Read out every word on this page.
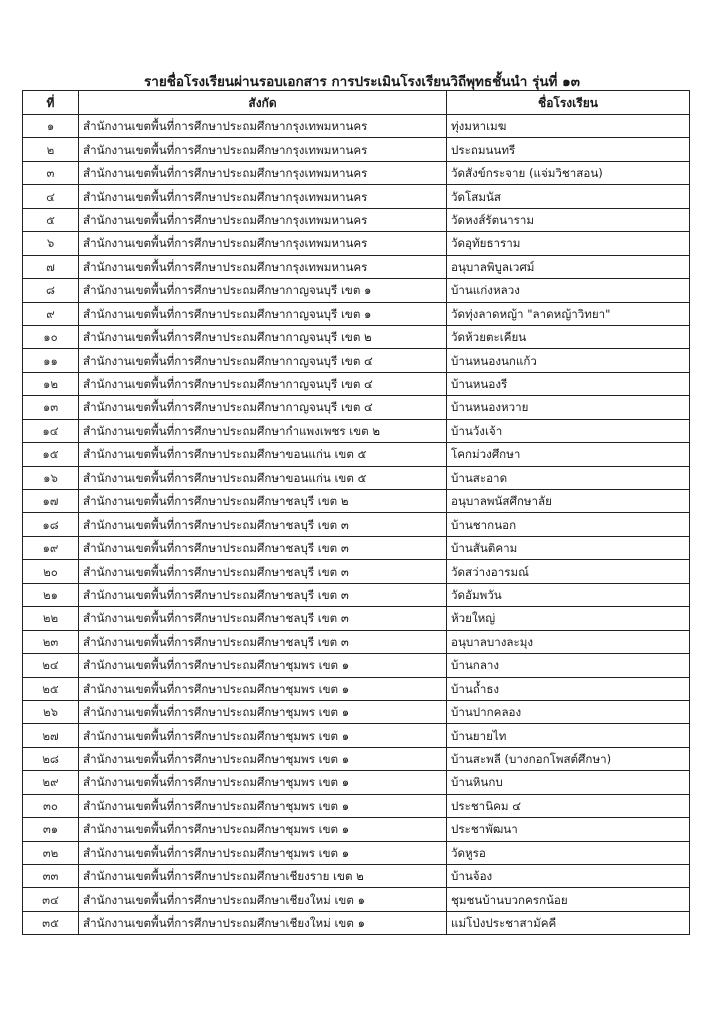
รายชื่อโรงเรียนผ่านรอบเอกสาร การประเมินโรงเรียนวิถีพุทธชั้นนำ รุ่นที่ ๑๓
ที่	สังกัด	ชื่อโรงเรียน
๑	สำนักงานเขตพื้นที่การศึกษาประถมศึกษากรุงเทพมหานคร	ทุ่งมหาเมฆ
๒	สำนักงานเขตพื้นที่การศึกษาประถมศึกษากรุงเทพมหานคร	ประถมนนทรี
๓	สำนักงานเขตพื้นที่การศึกษาประถมศึกษากรุงเทพมหานคร	วัดสังข์กระจาย (แจ่มวิชาสอน)
๔	สำนักงานเขตพื้นที่การศึกษาประถมศึกษากรุงเทพมหานคร	วัดโสมนัส
๕	สำนักงานเขตพื้นที่การศึกษาประถมศึกษากรุงเทพมหานคร	วัดหงส์รัตนาราม
๖	สำนักงานเขตพื้นที่การศึกษาประถมศึกษากรุงเทพมหานคร	วัดอุทัยธาราม
๗	สำนักงานเขตพื้นที่การศึกษาประถมศึกษากรุงเทพมหานคร	อนุบาลพิบูลเวศม์
๘	สำนักงานเขตพื้นที่การศึกษาประถมศึกษากาญจนบุรี เขต ๑	บ้านแก่งหลวง
๙	สำนักงานเขตพื้นที่การศึกษาประถมศึกษากาญจนบุรี เขต ๑	วัดทุ่งลาดหญ้า "ลาดหญ้าวิทยา"
๑๐	สำนักงานเขตพื้นที่การศึกษาประถมศึกษากาญจนบุรี เขต ๒	วัดห้วยตะเคียน
๑๑	สำนักงานเขตพื้นที่การศึกษาประถมศึกษากาญจนบุรี เขต ๔	บ้านหนองนกแก้ว
๑๒	สำนักงานเขตพื้นที่การศึกษาประถมศึกษากาญจนบุรี เขต ๔	บ้านหนองรี
๑๓	สำนักงานเขตพื้นที่การศึกษาประถมศึกษากาญจนบุรี เขต ๔	บ้านหนองหวาย
๑๔	สำนักงานเขตพื้นที่การศึกษาประถมศึกษากำแพงเพชร เขต ๒	บ้านวังเจ้า
๑๕	สำนักงานเขตพื้นที่การศึกษาประถมศึกษาขอนแก่น เขต ๕	โคกม่วงศึกษา
๑๖	สำนักงานเขตพื้นที่การศึกษาประถมศึกษาขอนแก่น เขต ๕	บ้านสะอาด
๑๗	สำนักงานเขตพื้นที่การศึกษาประถมศึกษาชลบุรี เขต ๒	อนุบาลพนัสศึกษาลัย
๑๘	สำนักงานเขตพื้นที่การศึกษาประถมศึกษาชลบุรี เขต ๓	บ้านชากนอก
๑๙	สำนักงานเขตพื้นที่การศึกษาประถมศึกษาชลบุรี เขต ๓	บ้านสันติคาม
๒๐	สำนักงานเขตพื้นที่การศึกษาประถมศึกษาชลบุรี เขต ๓	วัดสว่างอารมณ์
๒๑	สำนักงานเขตพื้นที่การศึกษาประถมศึกษาชลบุรี เขต ๓	วัดอัมพวัน
๒๒	สำนักงานเขตพื้นที่การศึกษาประถมศึกษาชลบุรี เขต ๓	ห้วยใหญ่
๒๓	สำนักงานเขตพื้นที่การศึกษาประถมศึกษาชลบุรี เขต ๓	อนุบาลบางละมุง
๒๔	สำนักงานเขตพื้นที่การศึกษาประถมศึกษาชุมพร เขต ๑	บ้านกลาง
๒๕	สำนักงานเขตพื้นที่การศึกษาประถมศึกษาชุมพร เขต ๑	บ้านถ้ำธง
๒๖	สำนักงานเขตพื้นที่การศึกษาประถมศึกษาชุมพร เขต ๑	บ้านปากคลอง
๒๗	สำนักงานเขตพื้นที่การศึกษาประถมศึกษาชุมพร เขต ๑	บ้านยายไท
๒๘	สำนักงานเขตพื้นที่การศึกษาประถมศึกษาชุมพร เขต ๑	บ้านสะพลี (บางกอกโพสต์ศึกษา)
๒๙	สำนักงานเขตพื้นที่การศึกษาประถมศึกษาชุมพร เขต ๑	บ้านหินกบ
๓๐	สำนักงานเขตพื้นที่การศึกษาประถมศึกษาชุมพร เขต ๑	ประชานิคม ๔
๓๑	สำนักงานเขตพื้นที่การศึกษาประถมศึกษาชุมพร เขต ๑	ประชาพัฒนา
๓๒	สำนักงานเขตพื้นที่การศึกษาประถมศึกษาชุมพร เขต ๑	วัดหูรอ
๓๓	สำนักงานเขตพื้นที่การศึกษาประถมศึกษาเชียงราย เขต ๒	บ้านจ้อง
๓๔	สำนักงานเขตพื้นที่การศึกษาประถมศึกษาเชียงใหม่ เขต ๑	ชุมชนบ้านบวกครกน้อย
๓๕	สำนักงานเขตพื้นที่การศึกษาประถมศึกษาเชียงใหม่ เขต ๑	แม่โป่งประชาสามัคคี
